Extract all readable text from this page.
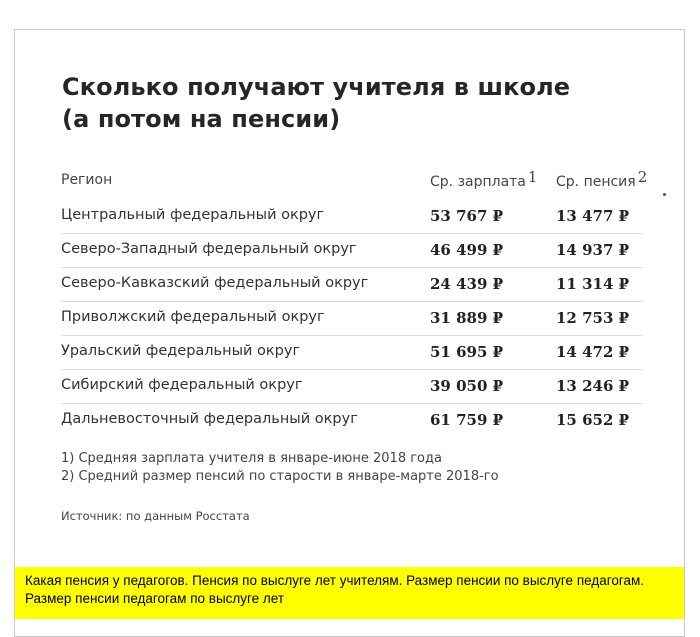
Сколько получают учителя в школе
(а потом на пенсии)
Регион	Ср. зарплата $^1$ Ср. пенсия $^2$
Центральный федеральный округ	53 767 ₽	13 477 ₽
Северо-Западный федеральный округ	46 499 ₽	14 937 ₽
Северо-Кавказский федеральный округ	24 439 ₽	11 314 ₽
Приволжский федеральный округ	31 889 ₽	12 753 ₽
Уральский федеральный округ	51 695 ₽	14 472 ₽
Сибирский федеральный округ	39 050 ₽	13 246 ₽
Дальневосточный федеральный округ	61 759 ₽	15 652 ₽
1) Средняя зарплата учителя в январе-июне 2018 года
2) Средний размер пенсий по старости в январе-марте 2018-го
Источник: по данным Росстата
Какая пенсия у педагогов. Пенсия по выслуге лет учителям. Размер пенсии по выслуге педагогам. Размер пенсии педагогам по выслуге лет
